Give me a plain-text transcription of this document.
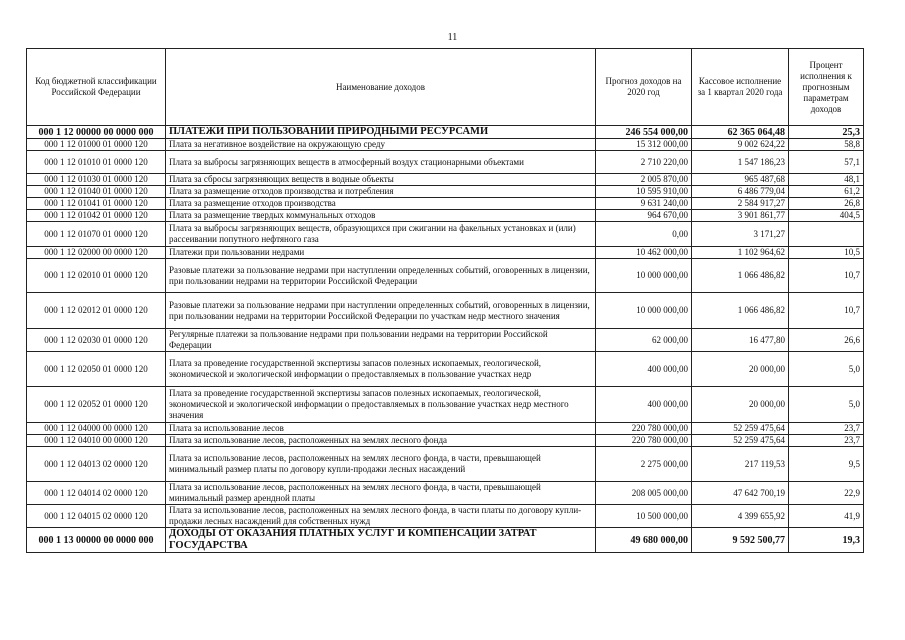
11
Код бюджетной классификации Российской Федерации	Наименование доходов	Прогноз доходов на 2020 год	Кассовое исполнение за 1 квартал 2020 года	Процент исполнения к прогнозным параметрам доходов
000 1 12 00000 00 0000 000	ПЛАТЕЖИ ПРИ ПОЛЬЗОВАНИИ ПРИРОДНЫМИ РЕСУРСАМИ	246 554 000,00	62 365 064,48	25,3
000 1 12 01000 01 0000 120	Плата за негативное воздействие на окружающую среду	15 312 000,00	9 002 624,22	58,8
000 1 12 01010 01 0000 120	Плата за выбросы загрязняющих веществ в атмосферный воздух стационарными объектами	2 710 220,00	1 547 186,23	57,1
000 1 12 01030 01 0000 120	Плата за сбросы загрязняющих веществ в водные объекты	2 005 870,00	965 487,68	48,1
000 1 12 01040 01 0000 120	Плата за размещение отходов производства и потребления	10 595 910,00	6 486 779,04	61,2
000 1 12 01041 01 0000 120	Плата за размещение отходов производства	9 631 240,00	2 584 917,27	26,8
000 1 12 01042 01 0000 120	Плата за размещение твердых коммунальных отходов	964 670,00	3 901 861,77	404,5
000 1 12 01070 01 0000 120	Плата за выбросы загрязняющих веществ, образующихся при сжигании на факельных установках и (или) рассеивании попутного нефтяного газа	0,00	3 171,27	
000 1 12 02000 00 0000 120	Платежи при пользовании недрами	10 462 000,00	1 102 964,62	10,5
000 1 12 02010 01 0000 120	Разовые платежи за пользование недрами при наступлении определенных событий, оговоренных в лицензии, при пользовании недрами на территории Российской Федерации	10 000 000,00	1 066 486,82	10,7
000 1 12 02012 01 0000 120	Разовые платежи за пользование недрами при наступлении определенных событий, оговоренных в лицензии, при пользовании недрами на территории Российской Федерации по участкам недр местного значения	10 000 000,00	1 066 486,82	10,7
000 1 12 02030 01 0000 120	Регулярные платежи за пользование недрами при пользовании недрами на территории Российской Федерации	62 000,00	16 477,80	26,6
000 1 12 02050 01 0000 120	Плата за проведение государственной экспертизы запасов полезных ископаемых, геологической, экономической и экологической информации о предоставляемых в пользование участках недр	400 000,00	20 000,00	5,0
000 1 12 02052 01 0000 120	Плата за проведение государственной экспертизы запасов полезных ископаемых, геологической, экономической и экологической информации о предоставляемых в пользование участках недр местного значения	400 000,00	20 000,00	5,0
000 1 12 04000 00 0000 120	Плата за использование лесов	220 780 000,00	52 259 475,64	23,7
000 1 12 04010 00 0000 120	Плата за использование лесов, расположенных на землях лесного фонда	220 780 000,00	52 259 475,64	23,7
000 1 12 04013 02 0000 120	Плата за использование лесов, расположенных на землях лесного фонда, в части, превышающей минимальный размер платы по договору купли-продажи лесных насаждений	2 275 000,00	217 119,53	9,5
000 1 12 04014 02 0000 120	Плата за использование лесов, расположенных на землях лесного фонда, в части, превышающей минимальный размер арендной платы	208 005 000,00	47 642 700,19	22,9
000 1 12 04015 02 0000 120	Плата за использование лесов, расположенных на землях лесного фонда, в части платы по договору купли-продажи лесных насаждений для собственных нужд	10 500 000,00	4 399 655,92	41,9
000 1 13 00000 00 0000 000	ДОХОДЫ ОТ ОКАЗАНИЯ ПЛАТНЫХ УСЛУГ И КОМПЕНСАЦИИ ЗАТРАТ ГОСУДАРСТВА	49 680 000,00	9 592 500,77	19,3
